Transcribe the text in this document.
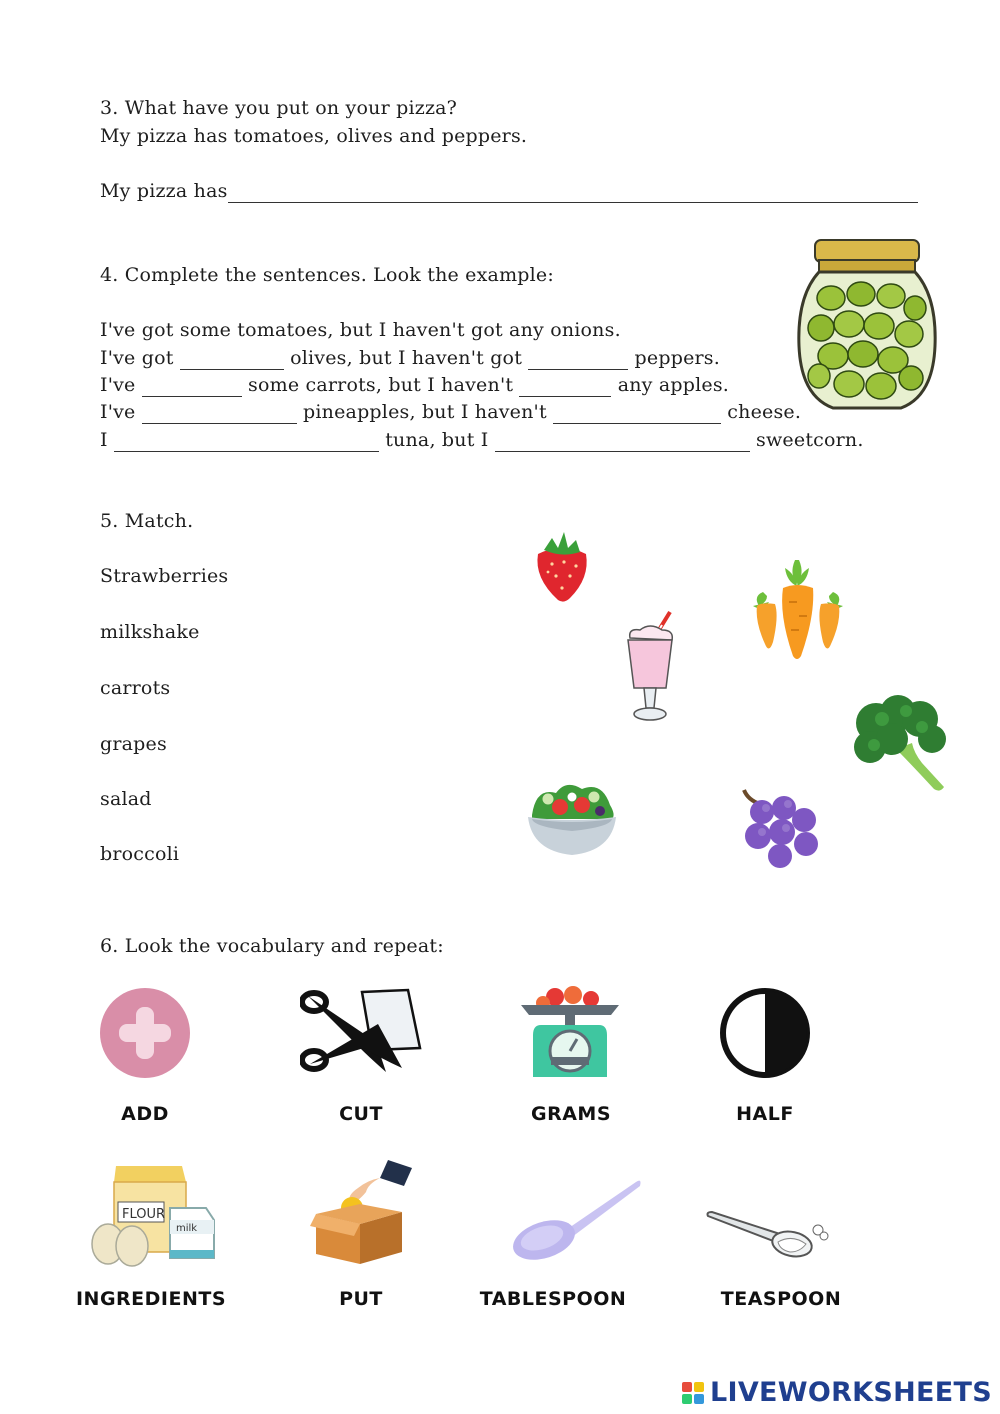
3. What have you put on your pizza?
My pizza has tomatoes, olives and peppers.
My pizza has
4. Complete the sentences. Look the example:
I've got some tomatoes, but I haven't got any onions.
I've got	olives, but I haven't got	peppers.
I've	some carrots, but I haven't	any apples.
I've	pineapples, but I haven't	cheese.
I	tuna, but I	sweetcorn.
5. Match.
Strawberries
milkshake
carrots
grapes
salad
broccoli
6. Look the vocabulary and repeat:
ADD	CUT	GRAMS	HALF
FLOUR
milk
INGREDIENTS	PUT	TABLESPOON	TEASPOON
LIVEWORKSHEETS
